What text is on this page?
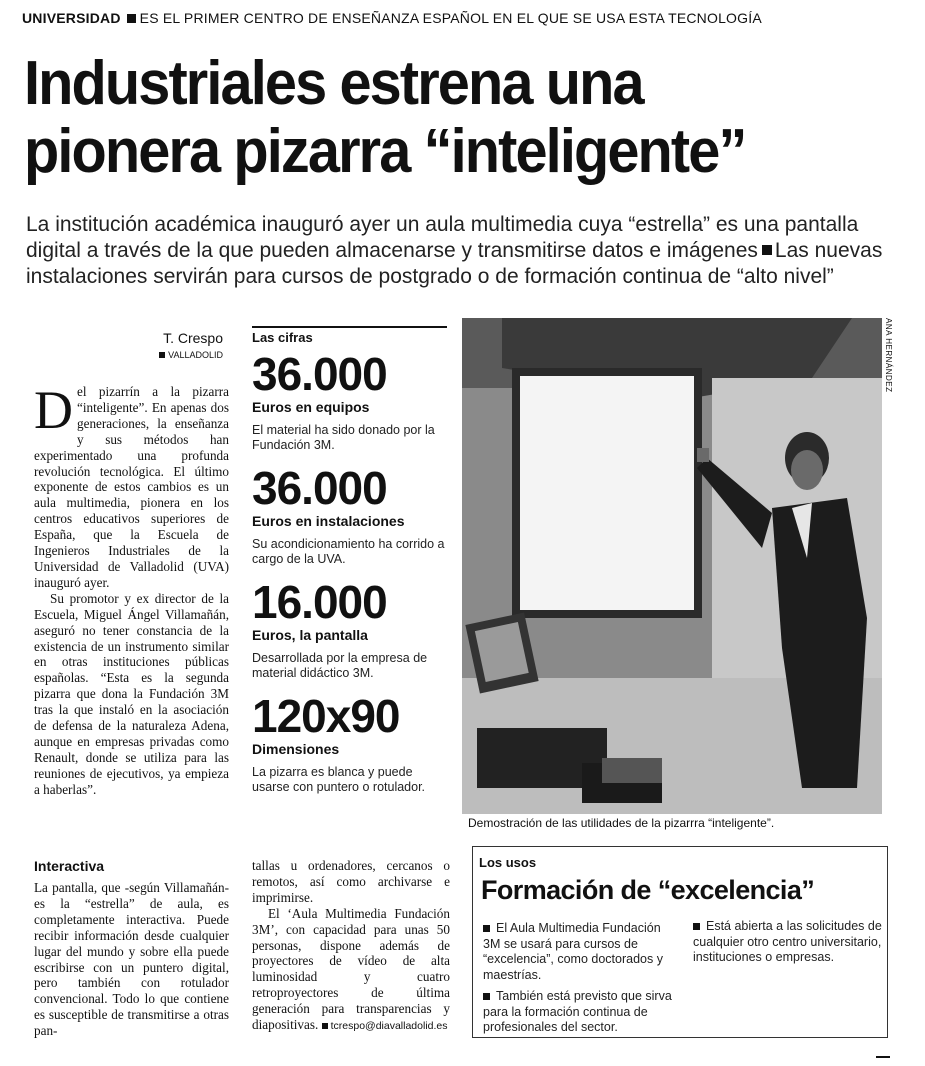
UNIVERSIDAD ES EL PRIMER CENTRO DE ENSEÑANZA ESPAÑOL EN EL QUE SE USA ESTA TECNOLOGÍA
Industriales estrena una
pionera pizarra “inteligente”
La institución académica inauguró ayer un aula multimedia cuya “estrella” es una pantalla digital a través de la que pueden almacenarse y transmitirse datos e imágenes Las nuevas instalaciones servirán para cursos de postgrado o de formación continua de “alto nivel”
T. Crespo
VALLADOLID

Del pizarrín a la pizarra “inteligente”. En apenas dos generaciones, la enseñanza y sus métodos han experimentado una profunda revolución tecnológica. El último exponente de estos cambios es un aula multimedia, pionera en los centros educativos superiores de España, que la Escuela de Ingenieros Industriales de la Universidad de Valladolid (UVA) inauguró ayer.

Su promotor y ex director de la Escuela, Miguel Ángel Villamañán, aseguró no tener constancia de la existencia de un instrumento similar en otras instituciones públicas españolas. “Esta es la segunda pizarra que dona la Fundación 3M tras la que instaló en la asociación de defensa de la naturaleza Adena, aunque en empresas privadas como Renault, donde se utiliza para las reuniones de ejecutivos, ya empieza a haberlas”.

Interactiva

La pantalla, que -según Villamañán- es la “estrella” de aula, es completamente interactiva. Puede recibir información desde cualquier lugar del mundo y sobre ella puede escribirse con un puntero digital, pero también con rotulador convencional. Todo lo que contiene es susceptible de transmitirse a otras pan-

tallas u ordenadores, cercanos o remotos, así como archivarse e imprimirse.

El ‘Aula Multimedia Fundación 3M’, con capacidad para unas 50 personas, dispone además de proyectores de vídeo de alta luminosidad y cuatro retroproyectores de última generación para transparencias y diapositivas. tcrespo@diavalladolid.es

Las cifras
36.000
Euros en equipos
El material ha sido donado por la Fundación 3M.
36.000
Euros en instalaciones
Su acondicionamiento ha corrido a cargo de la UVA.
16.000
Euros, la pantalla
Desarrollada por la empresa de material didáctico 3M.
120x90
Dimensiones
La pizarra es blanca y puede usarse con puntero o rotulador.
ANA HERNÁNDEZ
Demostración de las utilidades de la pizarrra “inteligente”.
Los usos
Formación de “excelencia”

El Aula Multimedia Fundación 3M se usará para cursos de “excelencia”, como doctorados y maestrías.

También está previsto que sirva para la formación continua de profesionales del sector.

Está abierta a las solicitudes de cualquier otro centro universitario, instituciones o empresas.
